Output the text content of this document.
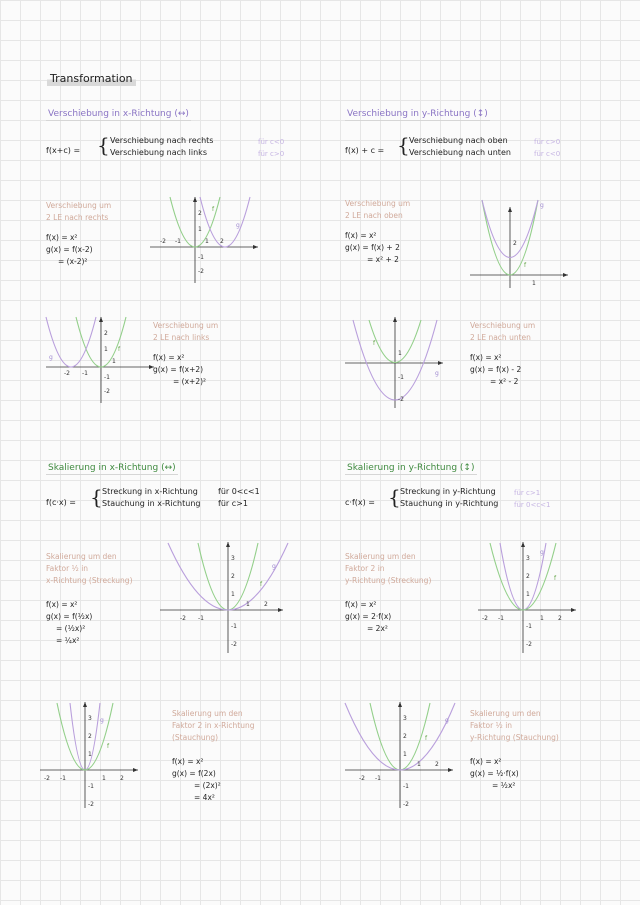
Transformation
Verschiebung in x-Richtung (↔)
f(x+c) = { Verschiebung nach rechts	für c<0
Verschiebung nach links	für c>0
Verschiebung um
2 LE nach rechts
f(x) = x²
g(x) = f(x-2)
= (x-2)²
2
1
-1
-2
-2 -1	1 2
f
g
2
1
-1
-2
-2 -1
1
f
g
Verschiebung um
2 LE nach links
f(x) = x²
g(x) = f(x+2)
= (x+2)²
Verschiebung in y-Richtung (↕)
f(x) + c = { Verschiebung nach oben	für c>0
Verschiebung nach unten	für c<0
Verschiebung um
2 LE nach oben
f(x) = x²
g(x) = f(x) + 2
= x² + 2
2
1
f
g
1
-1
-2
f
g
Verschiebung um
2 LE nach unten
f(x) = x²
g(x) = f(x) - 2
= x² - 2
Skalierung in x-Richtung (↔)
f(c·x) = { Streckung in x-Richtung	für 0<c<1
Stauchung in x-Richtung für c>1
Skalierung um den
Faktor ½ in
x-Richtung (Streckung)
f(x) = x²
g(x) = f(½x)
= (½x)²
= ¼x²
3
2
1
-1
-2
-2 -1
1 2
f
g
3
2
1
-1
-2
-2 -1	1 2
f
g
Skalierung um den
Faktor 2 in x-Richtung
(Stauchung)
f(x) = x²
g(x) = f(2x)
= (2x)²
= 4x²
Skalierung in y-Richtung (↕)
c·f(x) = { Streckung in y-Richtung	für c>1
Stauchung in y-Richtung für 0<c<1
Skalierung um den
Faktor 2 in
y-Richtung (Streckung)
f(x) = x²
g(x) = 2·f(x)
= 2x²
3
2
1
-1
-2
-2 -1	1 2
f
g
3
2
1
-1
-2
-2 -1
1 2
f
g
Skalierung um den
Faktor ½ in
y-Richtung (Stauchung)
f(x) = x²
g(x) = ½·f(x)
= ½x²
